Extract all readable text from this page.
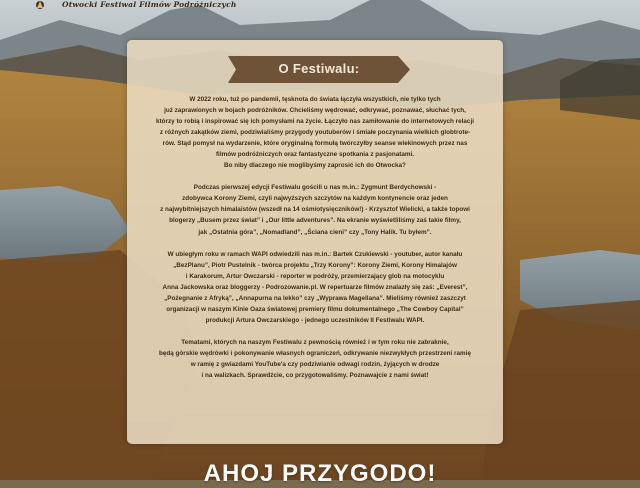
Otwocki Festiwal Filmów Podróżniczych
O Festiwalu:

W 2022 roku, tuż po pandemii, tęsknota do świata łączyła wszystkich, nie tylko tych
już zaprawionych w bojach podróżników. Chcieliśmy wędrować, odkrywać, poznawać, słuchać tych,
którzy to robią i inspirować się ich pomysłami na życie. Łączyło nas zamiłowanie do internetowych relacji
z różnych zakątków ziemi, podziwialiśmy przygody youtuberów i śmiałe poczynania wielkich globtrote-
rów. Stąd pomysł na wydarzenie, które oryginalną formułą twórczyłby seanse wiekinowych przez nas
filmów podróżniczych oraz fantastyczne spotkania z pasjonatami.
Bo niby dlaczego nie moglibyśmy zaprosić ich do Otwocka?

Podczas pierwszej edycji Festiwalu gościli u nas m.in.: Zygmunt Berdychowski -
zdobywca Korony Ziemi, czyli najwyższych szczytów na każdym kontynencie oraz jeden
z najwybitniejszych himalaistów (wszedł na 14 ośmiotysięczników!) - Krzysztof Wielicki, a także topowi
blogerzy „Busem przez świat” i „Our little adventures”. Na ekranie wyświetliliśmy zaś takie filmy,
jak „Ostatnia góra”, „Nomadland”, „Ściana cieni” czy „Tony Halik. Tu byłem”.

W ubiegłym roku w ramach WAPI odwiedzili nas m.in.: Bartek Czukiewski - youtuber, autor kanału
„BezPlanu”, Piotr Pustelnik - twórca projektu „Trzy Korony”: Korony Ziemi, Korony Himalajów
i Karakorum, Artur Owczarski - reporter w podróży, przemierzający glob na motocyklu
Anna Jackowska oraz bloggerzy - Podrozowanie.pl. W repertuarze filmów znalazły się zaś: „Everest”,
„Pożegnanie z Afryką”, „Annapurna na lekko” czy „Wyprawa Magellana”. Mieliśmy również zaszczyt
organizacji w naszym Kinie Oaza światowej premiery filmu dokumentalnego „The Cowboy Capital”
produkcji Artura Owczarskiego - jednego uczestników II Festiwalu WAPI.

Tematami, których na naszym Festiwalu z pewnością również i w tym roku nie zabraknie,
będą górskie wędrówki i pokonywanie własnych ograniczeń, odkrywanie niezwykłych przestrzeni ramię
w ramię z gwiazdami YouTube'a czy podziwianie odwagi rodzin, żyjących w drodze
i na walizkach. Sprawdźcie, co przygotowaliśmy. Poznawajcie z nami świat!

AHOJ PRZYGODO!
